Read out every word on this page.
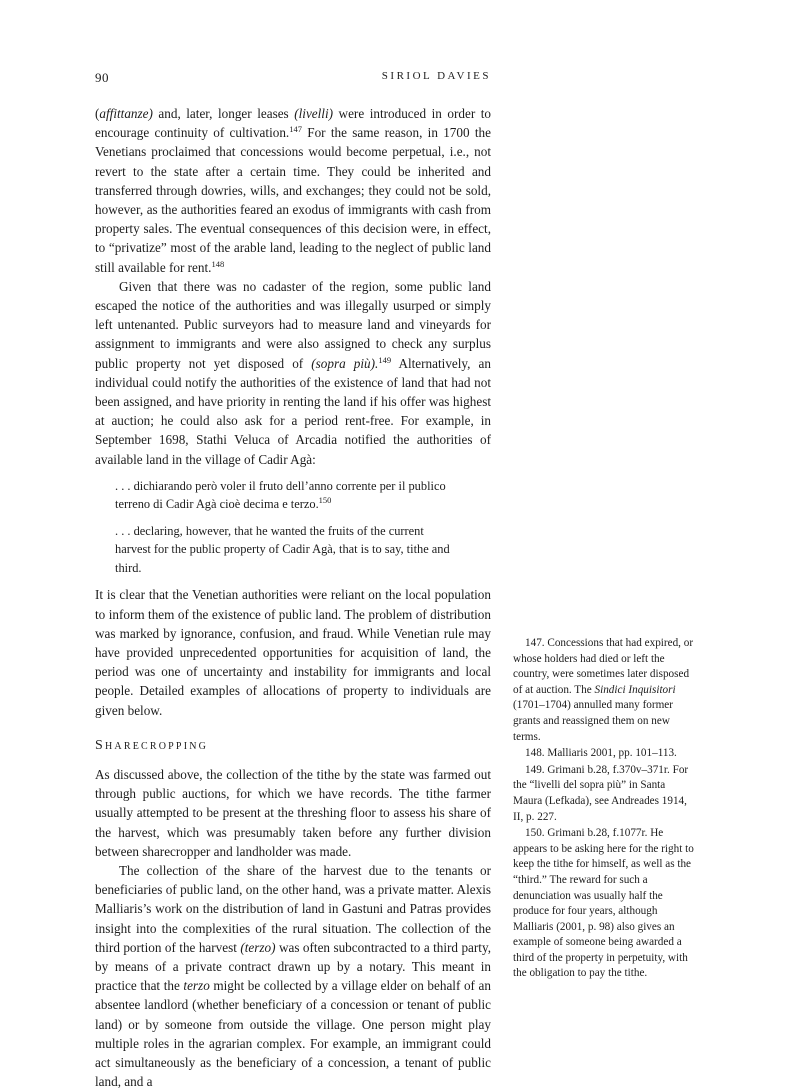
90	SIRIOL DAVIES

(affittanze) and, later, longer leases (livelli) were introduced in order to encourage continuity of cultivation.$^{147}$ For the same reason, in 1700 the Venetians proclaimed that concessions would become perpetual, i.e., not revert to the state after a certain time. They could be inherited and transferred through dowries, wills, and exchanges; they could not be sold, however, as the authorities feared an exodus of immigrants with cash from property sales. The eventual consequences of this decision were, in effect, to “privatize” most of the arable land, leading to the neglect of public land still available for rent.$^{148}$

Given that there was no cadaster of the region, some public land escaped the notice of the authorities and was illegally usurped or simply left untenanted. Public surveyors had to measure land and vineyards for assignment to immigrants and were also assigned to check any surplus public property not yet disposed of (sopra più).$^{149}$ Alternatively, an individual could notify the authorities of the existence of land that had not been assigned, and have priority in renting the land if his offer was highest at auction; he could also ask for a period rent-free. For example, in September 1698, Stathi Veluca of Arcadia notified the authorities of available land in the village of Cadir Agà:

. . . dichiarando però voler il fruto dell’anno corrente per il publico terreno di Cadir Agà cioè decima e terzo.$^{150}$

. . . declaring, however, that he wanted the fruits of the current harvest for the public property of Cadir Agà, that is to say, tithe and third.

It is clear that the Venetian authorities were reliant on the local population to inform them of the existence of public land. The problem of distribution was marked by ignorance, confusion, and fraud. While Venetian rule may have provided unprecedented opportunities for acquisition of land, the period was one of uncertainty and instability for immigrants and local people. Detailed examples of allocations of property to individuals are given below.

Sharecropping

As discussed above, the collection of the tithe by the state was farmed out through public auctions, for which we have records. The tithe farmer usually attempted to be present at the threshing floor to assess his share of the harvest, which was presumably taken before any further division between sharecropper and landholder was made.

The collection of the share of the harvest due to the tenants or beneficiaries of public land, on the other hand, was a private matter. Alexis Malliaris’s work on the distribution of land in Gastuni and Patras provides insight into the complexities of the rural situation. The collection of the third portion of the harvest (terzo) was often subcontracted to a third party, by means of a private contract drawn up by a notary. This meant in practice that the terzo might be collected by a village elder on behalf of an absentee landlord (whether beneficiary of a concession or tenant of public land) or by someone from outside the village. One person might play multiple roles in the agrarian complex. For example, an immigrant could act simultaneously as the beneficiary of a concession, a tenant of public land, and a

147. Concessions that had expired, or whose holders had died or left the country, were sometimes later disposed of at auction. The Sindici Inquisitori (1701–1704) annulled many former grants and reassigned them on new terms.

148. Malliaris 2001, pp. 101–113.

149. Grimani b.28, f.370v–371r. For the “livelli del sopra più” in Santa Maura (Lefkada), see Andreades 1914, II, p. 227.

150. Grimani b.28, f.1077r. He appears to be asking here for the right to keep the tithe for himself, as well as the “third.” The reward for such a denunciation was usually half the produce for four years, although Malliaris (2001, p. 98) also gives an example of someone being awarded a third of the property in perpetuity, with the obligation to pay the tithe.
